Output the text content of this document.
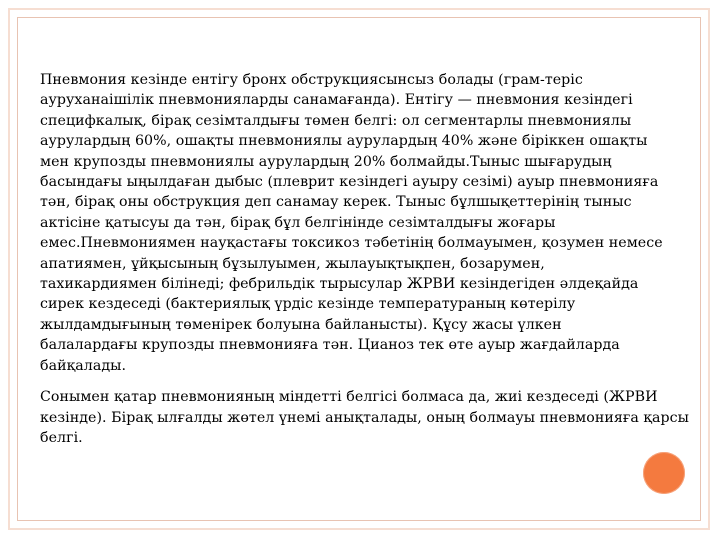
Пневмония кезінде ентігу бронх обструкциясынсыз болады (грам-теріс
ауруханаішілік пневмонияларды санамағанда). Ентігу — пневмония кезіндегі
специфкалық, бірақ сезімталдығы төмен белгі: ол сегментарлы пневмониялы
аурулардың 60%, ошақты пневмониялы аурулардың 40% және біріккен ошақты
мен крупозды пневмониялы аурулардың 20% болмайды.Тыныс шығарудың
басындағы ыңылдаған дыбыс (плеврит кезіндегі ауыру сезімі) ауыр пневмонияға
тән, бірақ оны обструкция деп санамау керек. Тыныс бұлшықеттерінің тыныс
актісіне қатысуы да тән, бірақ бұл белгінінде сезімталдығы жоғары
емес.Пневмониямен науқастағы токсикоз тәбетінің болмауымен, қозумен немесе
апатиямен, ұйқысының бұзылуымен, жылауықтықпен, бозарумен,
тахикардиямен білінеді; фебрильдік тырысулар ЖРВИ кезіндегіден әлдеқайда
сирек кездеседі (бактериялық үрдіс кезінде температураның көтерілу
жылдамдығының төменірек болуына байланысты). Құсу жасы үлкен
балалардағы крупозды пневмонияға тән. Цианоз тек өте ауыр жағдайларда
байқалады.

Сонымен қатар пневмонияның міндетті белгісі болмаса да, жиі кездеседі (ЖРВИ
кезінде). Бірақ ылғалды жөтел үнемі анықталады, оның болмауы пневмонияға қарсы
белгі.
